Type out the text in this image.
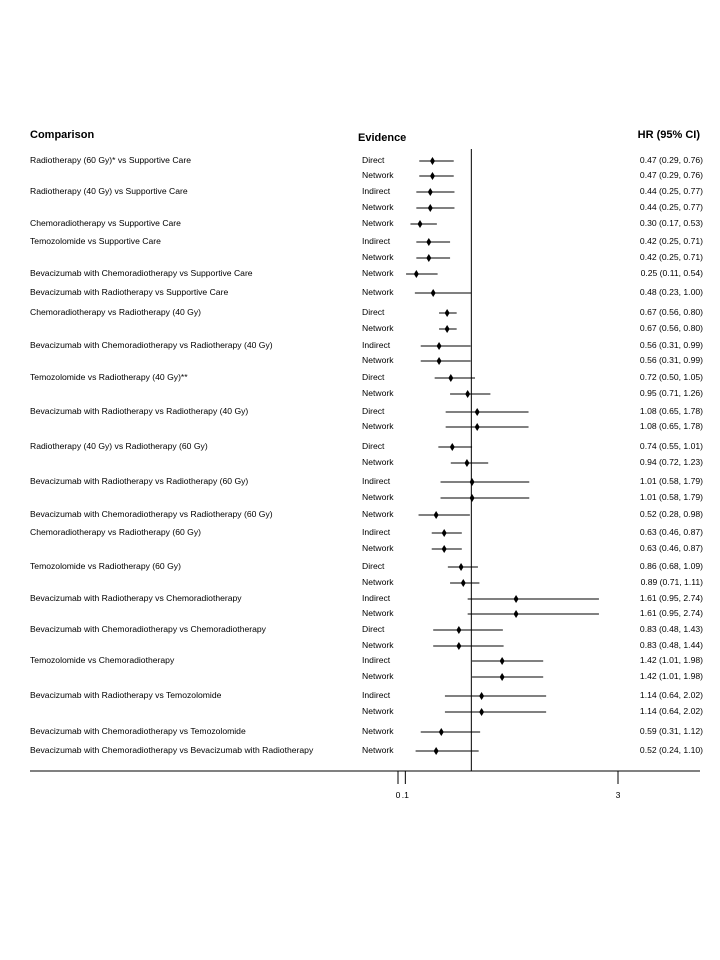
Comparison	Evidence	HR (95% CI)
Radiotherapy (60 Gy)* vs Supportive Care	Direct	0.47 (0.29, 0.76)
Network	0.47 (0.29, 0.76)
Radiotherapy (40 Gy) vs Supportive Care	Indirect	0.44 (0.25, 0.77)
Network	0.44 (0.25, 0.77)
Chemoradiotherapy vs Supportive Care	Network	0.30 (0.17, 0.53)
Temozolomide vs Supportive Care	Indirect	0.42 (0.25, 0.71)
Network	0.42 (0.25, 0.71)
Bevacizumab with Chemoradiotherapy vs Supportive Care	Network	0.25 (0.11, 0.54)
Bevacizumab with Radiotherapy vs Supportive Care	Network	0.48 (0.23, 1.00)
Chemoradiotherapy vs Radiotherapy (40 Gy)	Direct	0.67 (0.56, 0.80)
Network	0.67 (0.56, 0.80)
Bevacizumab with Chemoradiotherapy vs Radiotherapy (40 Gy)	Indirect	0.56 (0.31, 0.99)
Network	0.56 (0.31, 0.99)
Temozolomide vs Radiotherapy (40 Gy)**	Direct	0.72 (0.50, 1.05)
Network	0.95 (0.71, 1.26)
Bevacizumab with Radiotherapy vs Radiotherapy (40 Gy)	Direct	1.08 (0.65, 1.78)
Network	1.08 (0.65, 1.78)
Radiotherapy (40 Gy) vs Radiotherapy (60 Gy)	Direct	0.74 (0.55, 1.01)
Network	0.94 (0.72, 1.23)
Bevacizumab with Radiotherapy vs Radiotherapy (60 Gy)	Indirect	1.01 (0.58, 1.79)
Network	1.01 (0.58, 1.79)
Bevacizumab with Chemoradiotherapy vs Radiotherapy (60 Gy)	Network	0.52 (0.28, 0.98)
Chemoradiotherapy vs Radiotherapy (60 Gy)	Indirect	0.63 (0.46, 0.87)
Network	0.63 (0.46, 0.87)
Temozolomide vs Radiotherapy (60 Gy)	Direct	0.86 (0.68, 1.09)
Network	0.89 (0.71, 1.11)
Bevacizumab with Radiotherapy vs Chemoradiotherapy	Indirect	1.61 (0.95, 2.74)
Network	1.61 (0.95, 2.74)
Bevacizumab with Chemoradiotherapy vs Chemoradiotherapy	Direct	0.83 (0.48, 1.43)
Network	0.83 (0.48, 1.44)
Temozolomide vs Chemoradiotherapy	Indirect	1.42 (1.01, 1.98)
Network	1.42 (1.01, 1.98)
Bevacizumab with Radiotherapy vs Temozolomide	Indirect	1.14 (0.64, 2.02)
Network	1.14 (0.64, 2.02)
Bevacizumab with Chemoradiotherapy vs Temozolomide	Network	0.59 (0.31, 1.12)
Bevacizumab with Chemoradiotherapy vs Bevacizumab with Radiotherapy	Network	0.52 (0.24, 1.10)
0 .1	3
